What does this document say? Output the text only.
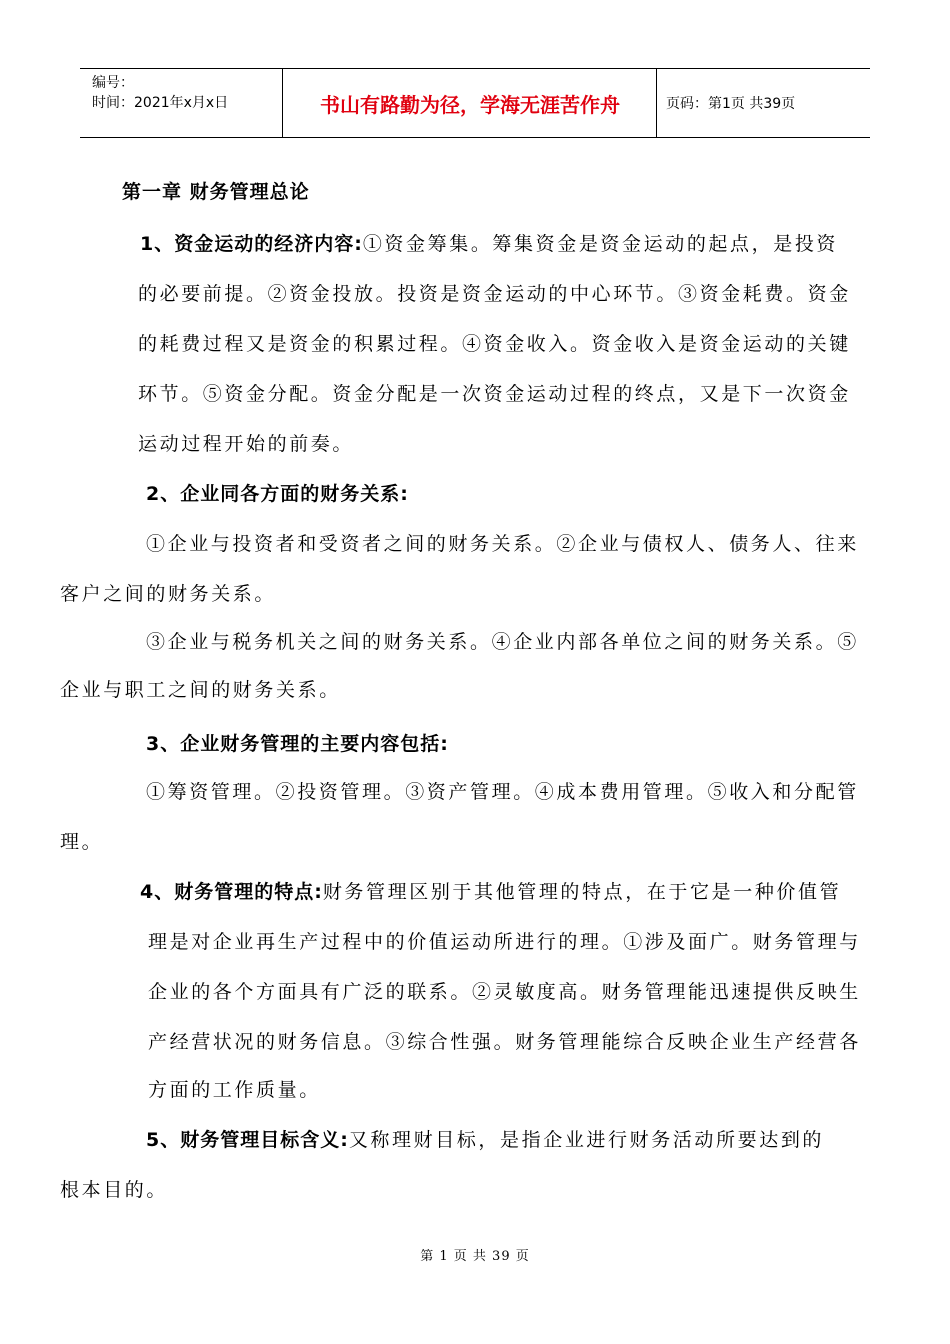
编号：
时间：2021年x月x日	书山有路勤为径，学海无涯苦作舟	页码：第1页 共39页
第一章 财务管理总论
1、资金运动的经济内容:①资金筹集。筹集资金是资金运动的起点，是投资
的必要前提。②资金投放。投资是资金运动的中心环节。③资金耗费。资金
的耗费过程又是资金的积累过程。④资金收入。资金收入是资金运动的关键
环节。⑤资金分配。资金分配是一次资金运动过程的终点，又是下一次资金
运动过程开始的前奏。
2、企业同各方面的财务关系:
①企业与投资者和受资者之间的财务关系。②企业与债权人、债务人、往来
客户之间的财务关系。
③企业与税务机关之间的财务关系。④企业内部各单位之间的财务关系。⑤
企业与职工之间的财务关系。
3、企业财务管理的主要内容包括:
①筹资管理。②投资管理。③资产管理。④成本费用管理。⑤收入和分配管
理。
4、财务管理的特点:财务管理区别于其他管理的特点，在于它是一种价值管
理是对企业再生产过程中的价值运动所进行的理。①涉及面广。财务管理与
企业的各个方面具有广泛的联系。②灵敏度高。财务管理能迅速提供反映生
产经营状况的财务信息。③综合性强。财务管理能综合反映企业生产经营各
方面的工作质量。
5、财务管理目标含义:又称理财目标，是指企业进行财务活动所要达到的
根本目的。
第 1 页 共 39 页
